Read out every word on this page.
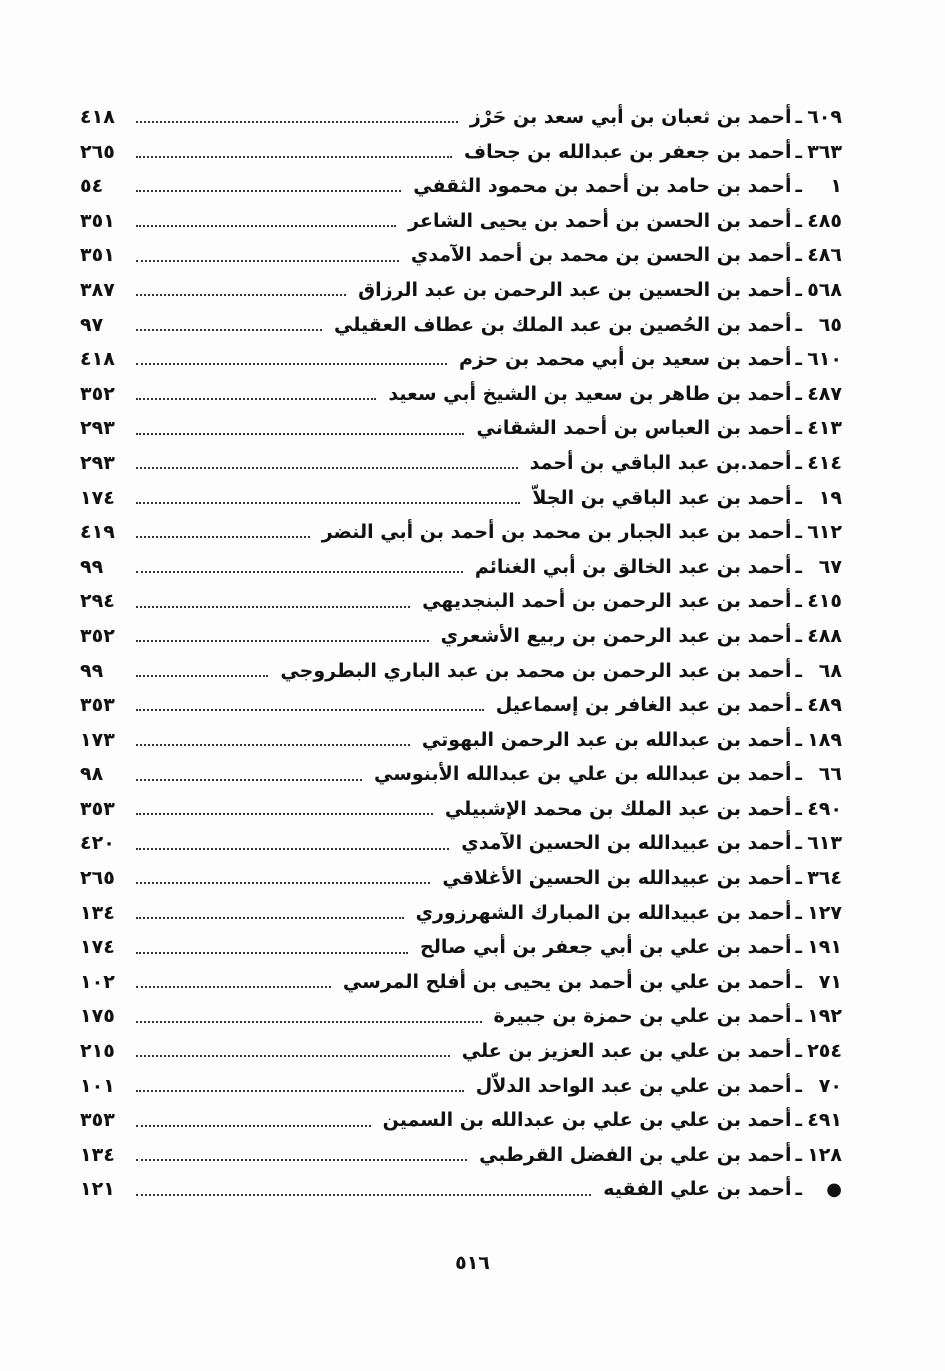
٦٠٩
ـ
أحمد بن ثعبان بن أبي سعد بن حَرْز
٤١٨
٣٦٣
ـ
أحمد بن جعفر بن عبدالله بن جحاف
٢٦٥
١
ـ
أحمد بن حامد بن أحمد بن محمود الثقفي
٥٤
٤٨٥
ـ
أحمد بن الحسن بن أحمد بن يحيى الشاعر
٣٥١
٤٨٦
ـ
أحمد بن الحسن بن محمد بن أحمد الآمدي
٣٥١
٥٦٨
ـ
أحمد بن الحسين بن عبد الرحمن بن عبد الرزاق
٣٨٧
٦٥
ـ
أحمد بن الحُصين بن عبد الملك بن عطاف العقيلي
٩٧
٦١٠
ـ
أحمد بن سعيد بن أبي محمد بن حزم
٤١٨
٤٨٧
ـ
أحمد بن طاهر بن سعيد بن الشيخ أبي سعيد
٣٥٢
٤١٣
ـ
أحمد بن العباس بن أحمد الشقاني
٢٩٣
٤١٤
ـ
أحمد.بن عبد الباقي بن أحمد
٢٩٣
١٩
ـ
أحمد بن عبد الباقي بن الجلاّ
١٧٤
٦١٢
ـ
أحمد بن عبد الجبار بن محمد بن أحمد بن أبي النضر
٤١٩
٦٧
ـ
أحمد بن عبد الخالق بن أبي الغنائم
٩٩
٤١٥
ـ
أحمد بن عبد الرحمن بن أحمد البنجديهي
٢٩٤
٤٨٨
ـ
أحمد بن عبد الرحمن بن ربيع الأشعري
٣٥٢
٦٨
ـ
أحمد بن عبد الرحمن بن محمد بن عبد الباري البطروجي
٩٩
٤٨٩
ـ
أحمد بن عبد الغافر بن إسماعيل
٣٥٣
١٨٩
ـ
أحمد بن عبدالله بن عبد الرحمن البهوتي
١٧٣
٦٦
ـ
أحمد بن عبدالله بن علي بن عبدالله الأبنوسي
٩٨
٤٩٠
ـ
أحمد بن عبد الملك بن محمد الإشبيلي
٣٥٣
٦١٣
ـ
أحمد بن عبيدالله بن الحسين الآمدي
٤٢٠
٣٦٤
ـ
أحمد بن عبيدالله بن الحسين الأغلاقي
٢٦٥
١٢٧
ـ
أحمد بن عبيدالله بن المبارك الشهرزوري
١٣٤
١٩١
ـ
أحمد بن علي بن أبي جعفر بن أبي صالح
١٧٤
٧١
ـ
أحمد بن علي بن أحمد بن يحيى بن أفلح المرسي
١٠٢
١٩٢
ـ
أحمد بن علي بن حمزة بن جبيرة
١٧٥
٢٥٤
ـ
أحمد بن علي بن عبد العزيز بن علي
٢١٥
٧٠
ـ
أحمد بن علي بن عبد الواحد الدلاّل
١٠١
٤٩١
ـ
أحمد بن علي بن علي بن عبدالله بن السمين
٣٥٣
١٢٨
ـ
أحمد بن علي بن الفضل القرطبي
١٣٤
●
ـ
أحمد بن علي الفقيه
١٢١
٥١٦
